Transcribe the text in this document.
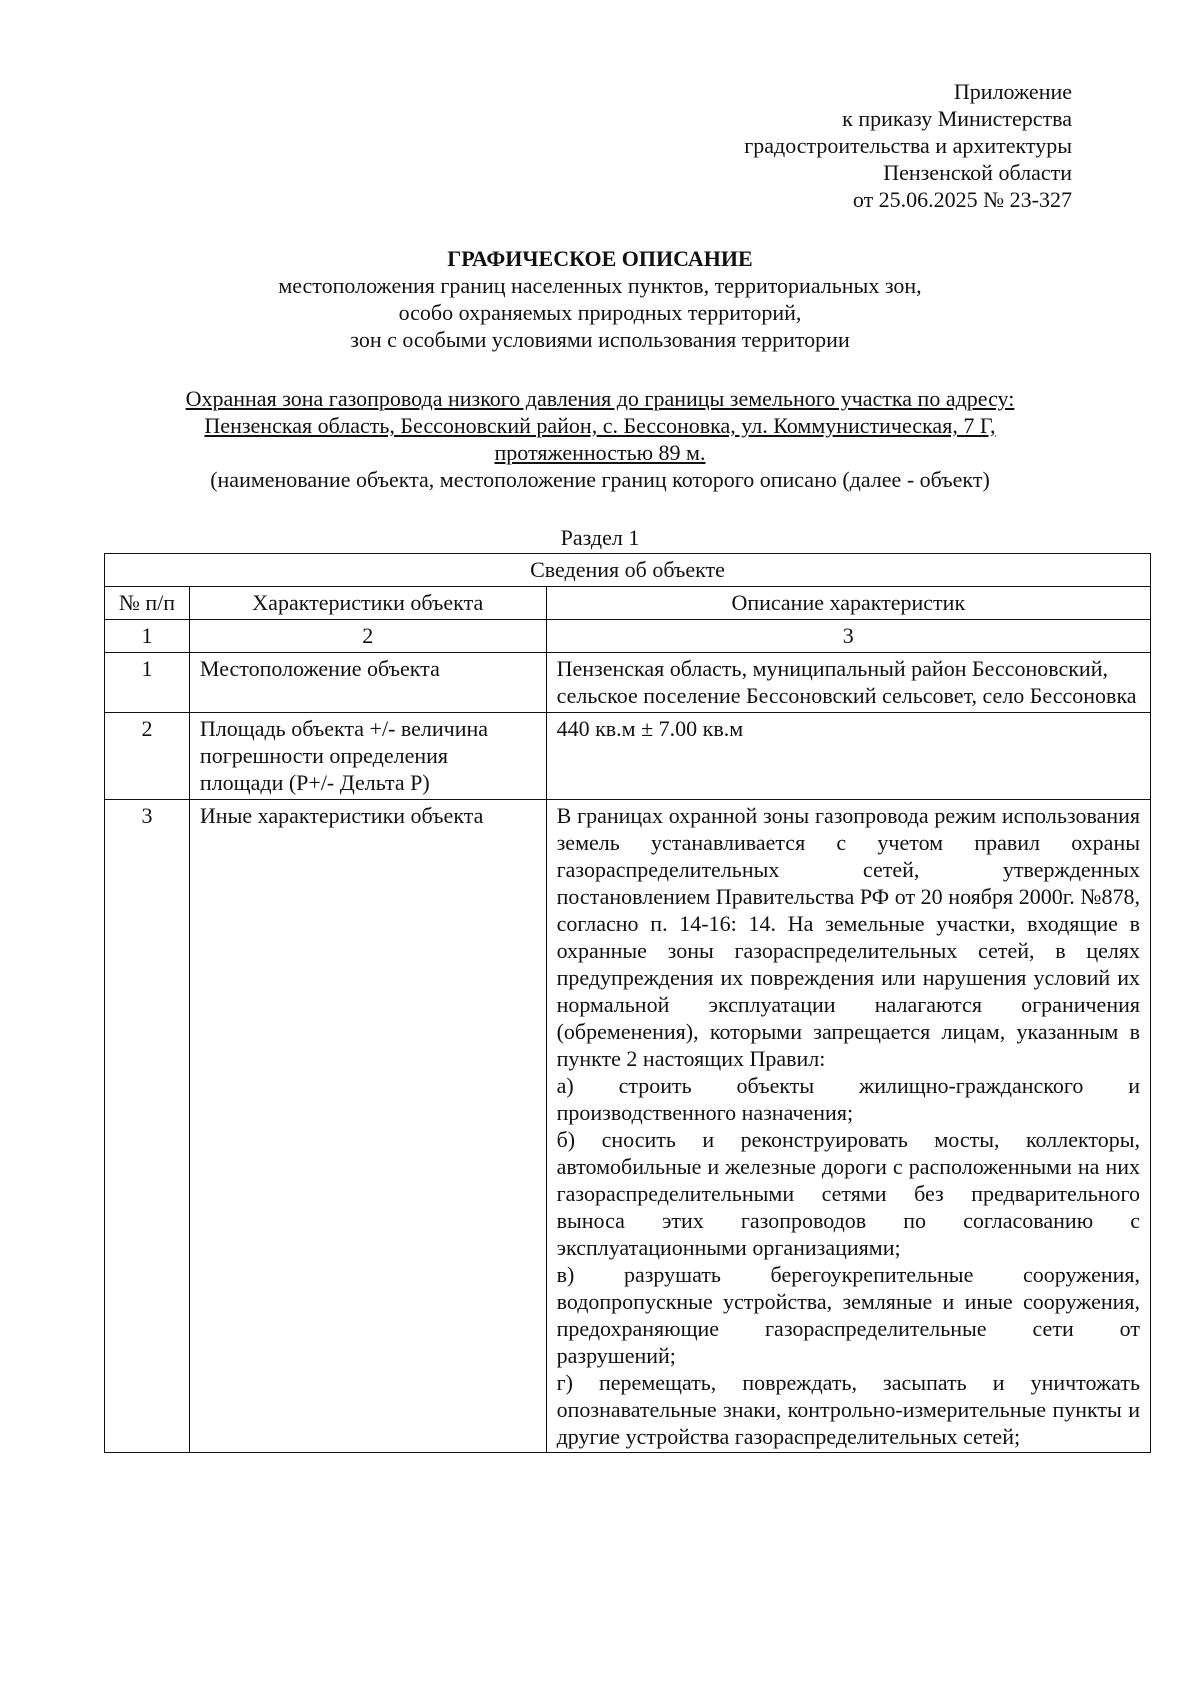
Приложение
к приказу Министерства
градостроительства и архитектуры
Пензенской области
от 25.06.2025 № 23-327
ГРАФИЧЕСКОЕ ОПИСАНИЕ
местоположения границ населенных пунктов, территориальных зон,
особо охраняемых природных территорий,
зон с особыми условиями использования территории
Охранная зона газопровода низкого давления до границы земельного участка по адресу:
Пензенская область, Бессоновский район, с. Бессоновка, ул. Коммунистическая, 7 Г,
протяженностью 89 м.
(наименование объекта, местоположение границ которого описано (далее - объект)
Раздел 1
Сведения об объекте		
№ п/п	Характеристики объекта	Описание характеристик
1	2	3
1	Местоположение объекта	Пензенская область, муниципальный район Бессоновский, сельское поселение Бессоновский сельсовет, село Бессоновка
2	Площадь объекта +/- величина погрешности определения площади (Р+/- Дельта Р)	440 кв.м ± 7.00 кв.м
3	Иные характеристики объекта	В границах охранной зоны газопровода режим использования земель устанавливается с учетом правил охраны газораспределительных сетей, утвержденных постановлением Правительства РФ от 20 ноября 2000г. №878, согласно п. 14-16: 14. На земельные участки, входящие в охранные зоны газораспределительных сетей, в целях предупреждения их повреждения или нарушения условий их нормальной эксплуатации налагаются ограничения (обременения), которыми запрещается лицам, указанным в пункте 2 настоящих Правил:
а) строить объекты жилищно-гражданского и производственного назначения;
б) сносить и реконструировать мосты, коллекторы, автомобильные и железные дороги с расположенными на них газораспределительными сетями без предварительного выноса этих газопроводов по согласованию с эксплуатационными организациями;
в) разрушать берегоукрепительные сооружения, водопропускные устройства, земляные и иные сооружения, предохраняющие газораспределительные сети от разрушений;
г) перемещать, повреждать, засыпать и уничтожать опознавательные знаки, контрольно-измерительные пункты и другие устройства газораспределительных сетей;
